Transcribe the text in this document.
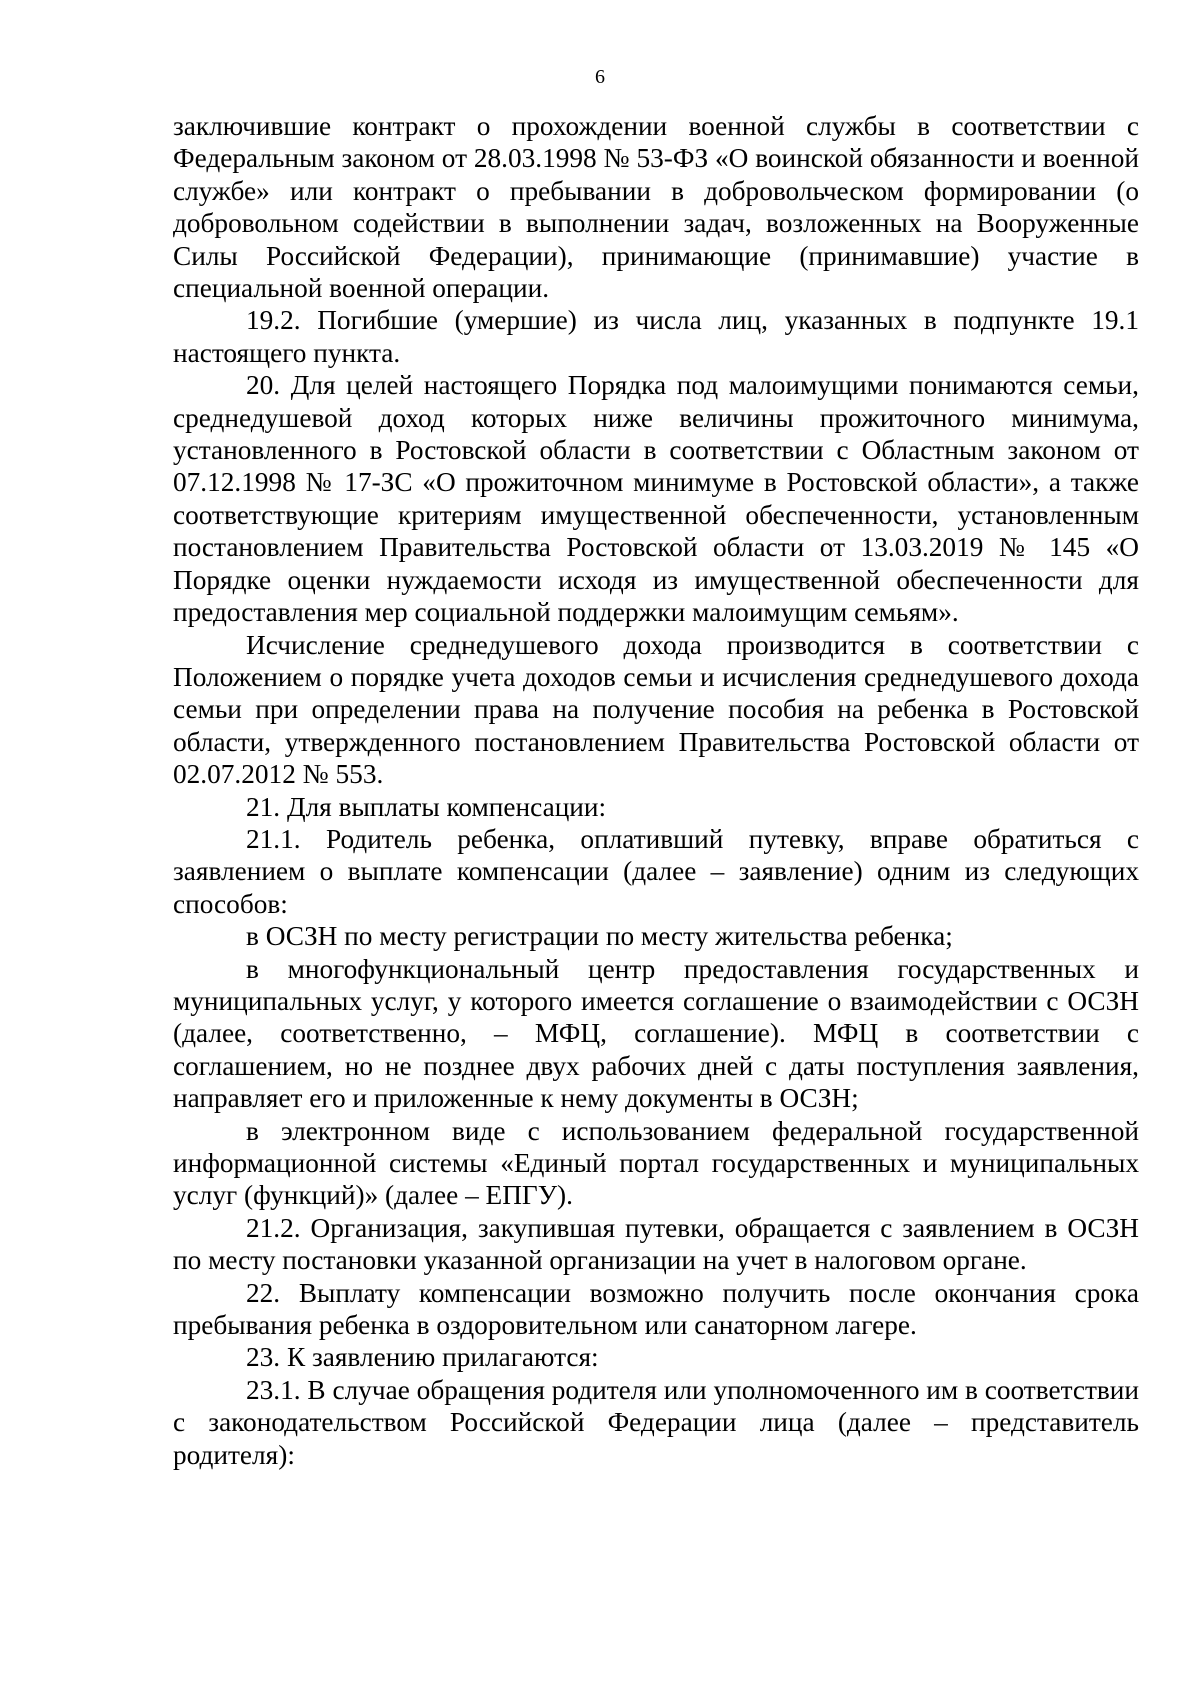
6

заключившие контракт о прохождении военной службы в соответствии с Федеральным законом от 28.03.1998 № 53-ФЗ «О воинской обязанности и военной службе» или контракт о пребывании в добровольческом формировании (о добровольном содействии в выполнении задач, возложенных на Вооруженные Силы Российской Федерации), принимающие (принимавшие) участие в специальной военной операции.

19.2. Погибшие (умершие) из числа лиц, указанных в подпункте 19.1 настоящего пункта.

20. Для целей настоящего Порядка под малоимущими понимаются семьи, среднедушевой доход которых ниже величины прожиточного минимума, установленного в Ростовской области в соответствии с Областным законом от 07.12.1998 № 17-ЗС «О прожиточном минимуме в Ростовской области», а также соответствующие критериям имущественной обеспеченности, установленным постановлением Правительства Ростовской области от 13.03.2019 № 145 «О Порядке оценки нуждаемости исходя из имущественной обеспеченности для предоставления мер социальной поддержки малоимущим семьям».

Исчисление среднедушевого дохода производится в соответствии с Положением о порядке учета доходов семьи и исчисления среднедушевого дохода семьи при определении права на получение пособия на ребенка в Ростовской области, утвержденного постановлением Правительства Ростовской области от 02.07.2012 № 553.

21. Для выплаты компенсации:

21.1. Родитель ребенка, оплативший путевку, вправе обратиться с заявлением о выплате компенсации (далее – заявление) одним из следующих способов:

в ОСЗН по месту регистрации по месту жительства ребенка;

в многофункциональный центр предоставления государственных и муниципальных услуг, у которого имеется соглашение о взаимодействии с ОСЗН (далее, соответственно, – МФЦ, соглашение). МФЦ в соответствии с соглашением, но не позднее двух рабочих дней с даты поступления заявления, направляет его и приложенные к нему документы в ОСЗН;

в электронном виде с использованием федеральной государственной информационной системы «Единый портал государственных и муниципальных услуг (функций)» (далее – ЕПГУ).

21.2. Организация, закупившая путевки, обращается с заявлением в ОСЗН по месту постановки указанной организации на учет в налоговом органе.

22. Выплату компенсации возможно получить после окончания срока пребывания ребенка в оздоровительном или санаторном лагере.

23. К заявлению прилагаются:

23.1. В случае обращения родителя или уполномоченного им в соответствии с законодательством Российской Федерации лица (далее – представитель родителя):
